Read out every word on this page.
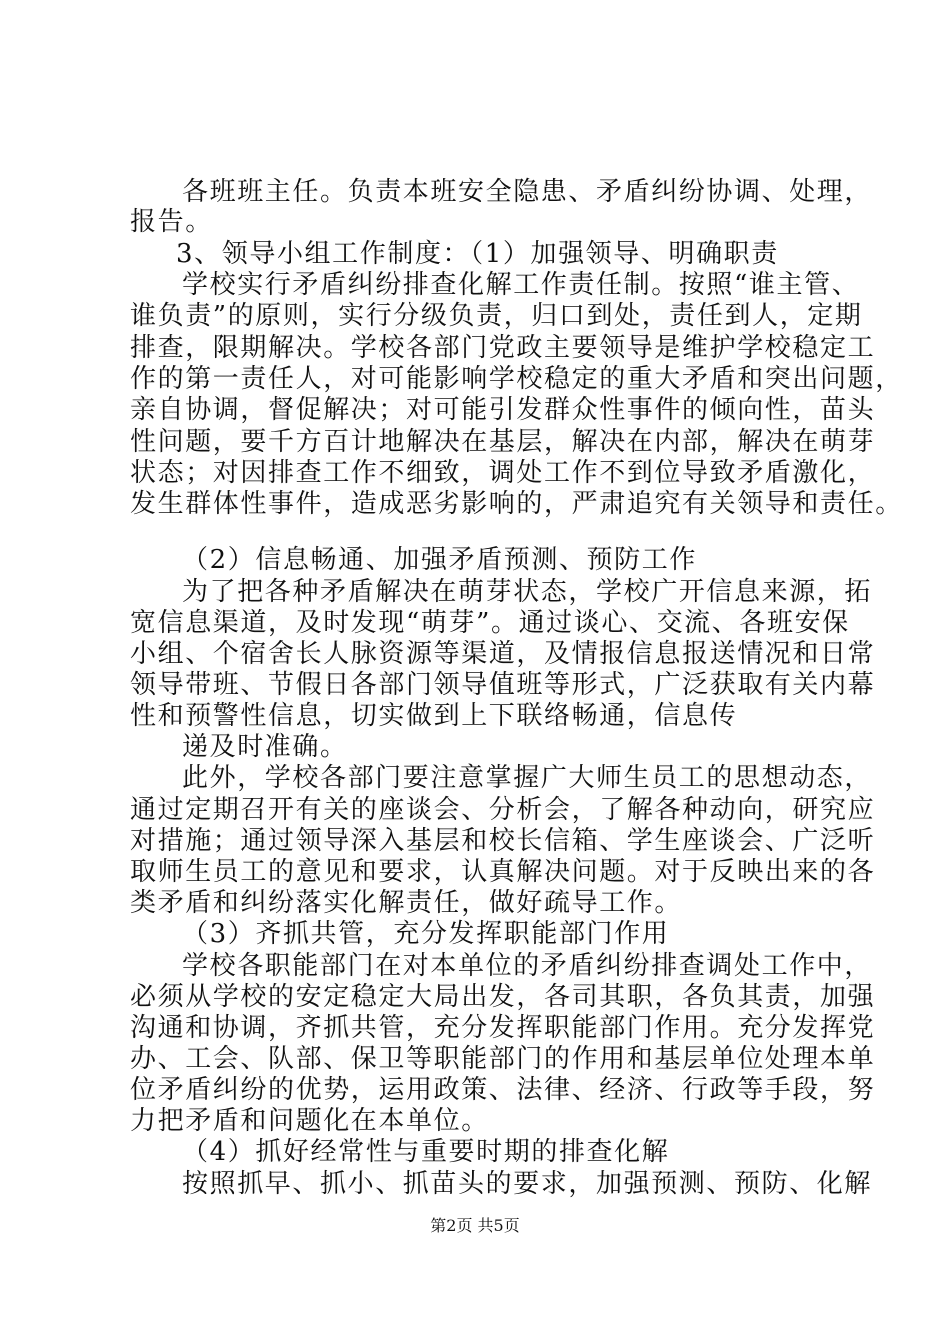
各班班主任。负责本班安全隐患、矛盾纠纷协调、处理，
报告。
3、领导小组工作制度：（1）加强领导、明确职责
学校实行矛盾纠纷排查化解工作责任制。按照“谁主管、
谁负责”的原则，实行分级负责，归口到处，责任到人，定期
排查，限期解决。学校各部门党政主要领导是维护学校稳定工
作的第一责任人，对可能影响学校稳定的重大矛盾和突出问题，
亲自协调，督促解决；对可能引发群众性事件的倾向性，苗头
性问题，要千方百计地解决在基层，解决在内部，解决在萌芽
状态；对因排查工作不细致，调处工作不到位导致矛盾激化，
发生群体性事件，造成恶劣影响的，严肃追究有关领导和责任。
（2）信息畅通、加强矛盾预测、预防工作
为了把各种矛盾解决在萌芽状态，学校广开信息来源，拓
宽信息渠道，及时发现“萌芽”。通过谈心、交流、各班安保
小组、个宿舍长人脉资源等渠道，及情报信息报送情况和日常
领导带班、节假日各部门领导值班等形式，广泛获取有关内幕
性和预警性信息，切实做到上下联络畅通，信息传
递及时准确。
此外，学校各部门要注意掌握广大师生员工的思想动态，
通过定期召开有关的座谈会、分析会，了解各种动向，研究应
对措施；通过领导深入基层和校长信箱、学生座谈会、广泛听
取师生员工的意见和要求，认真解决问题。对于反映出来的各
类矛盾和纠纷落实化解责任，做好疏导工作。
（3）齐抓共管，充分发挥职能部门作用
学校各职能部门在对本单位的矛盾纠纷排查调处工作中，
必须从学校的安定稳定大局出发，各司其职，各负其责，加强
沟通和协调，齐抓共管，充分发挥职能部门作用。充分发挥党
办、工会、队部、保卫等职能部门的作用和基层单位处理本单
位矛盾纠纷的优势，运用政策、法律、经济、行政等手段，努
力把矛盾和问题化在本单位。
（4）抓好经常性与重要时期的排查化解
按照抓早、抓小、抓苗头的要求，加强预测、预防、化解
第2页 共5页
